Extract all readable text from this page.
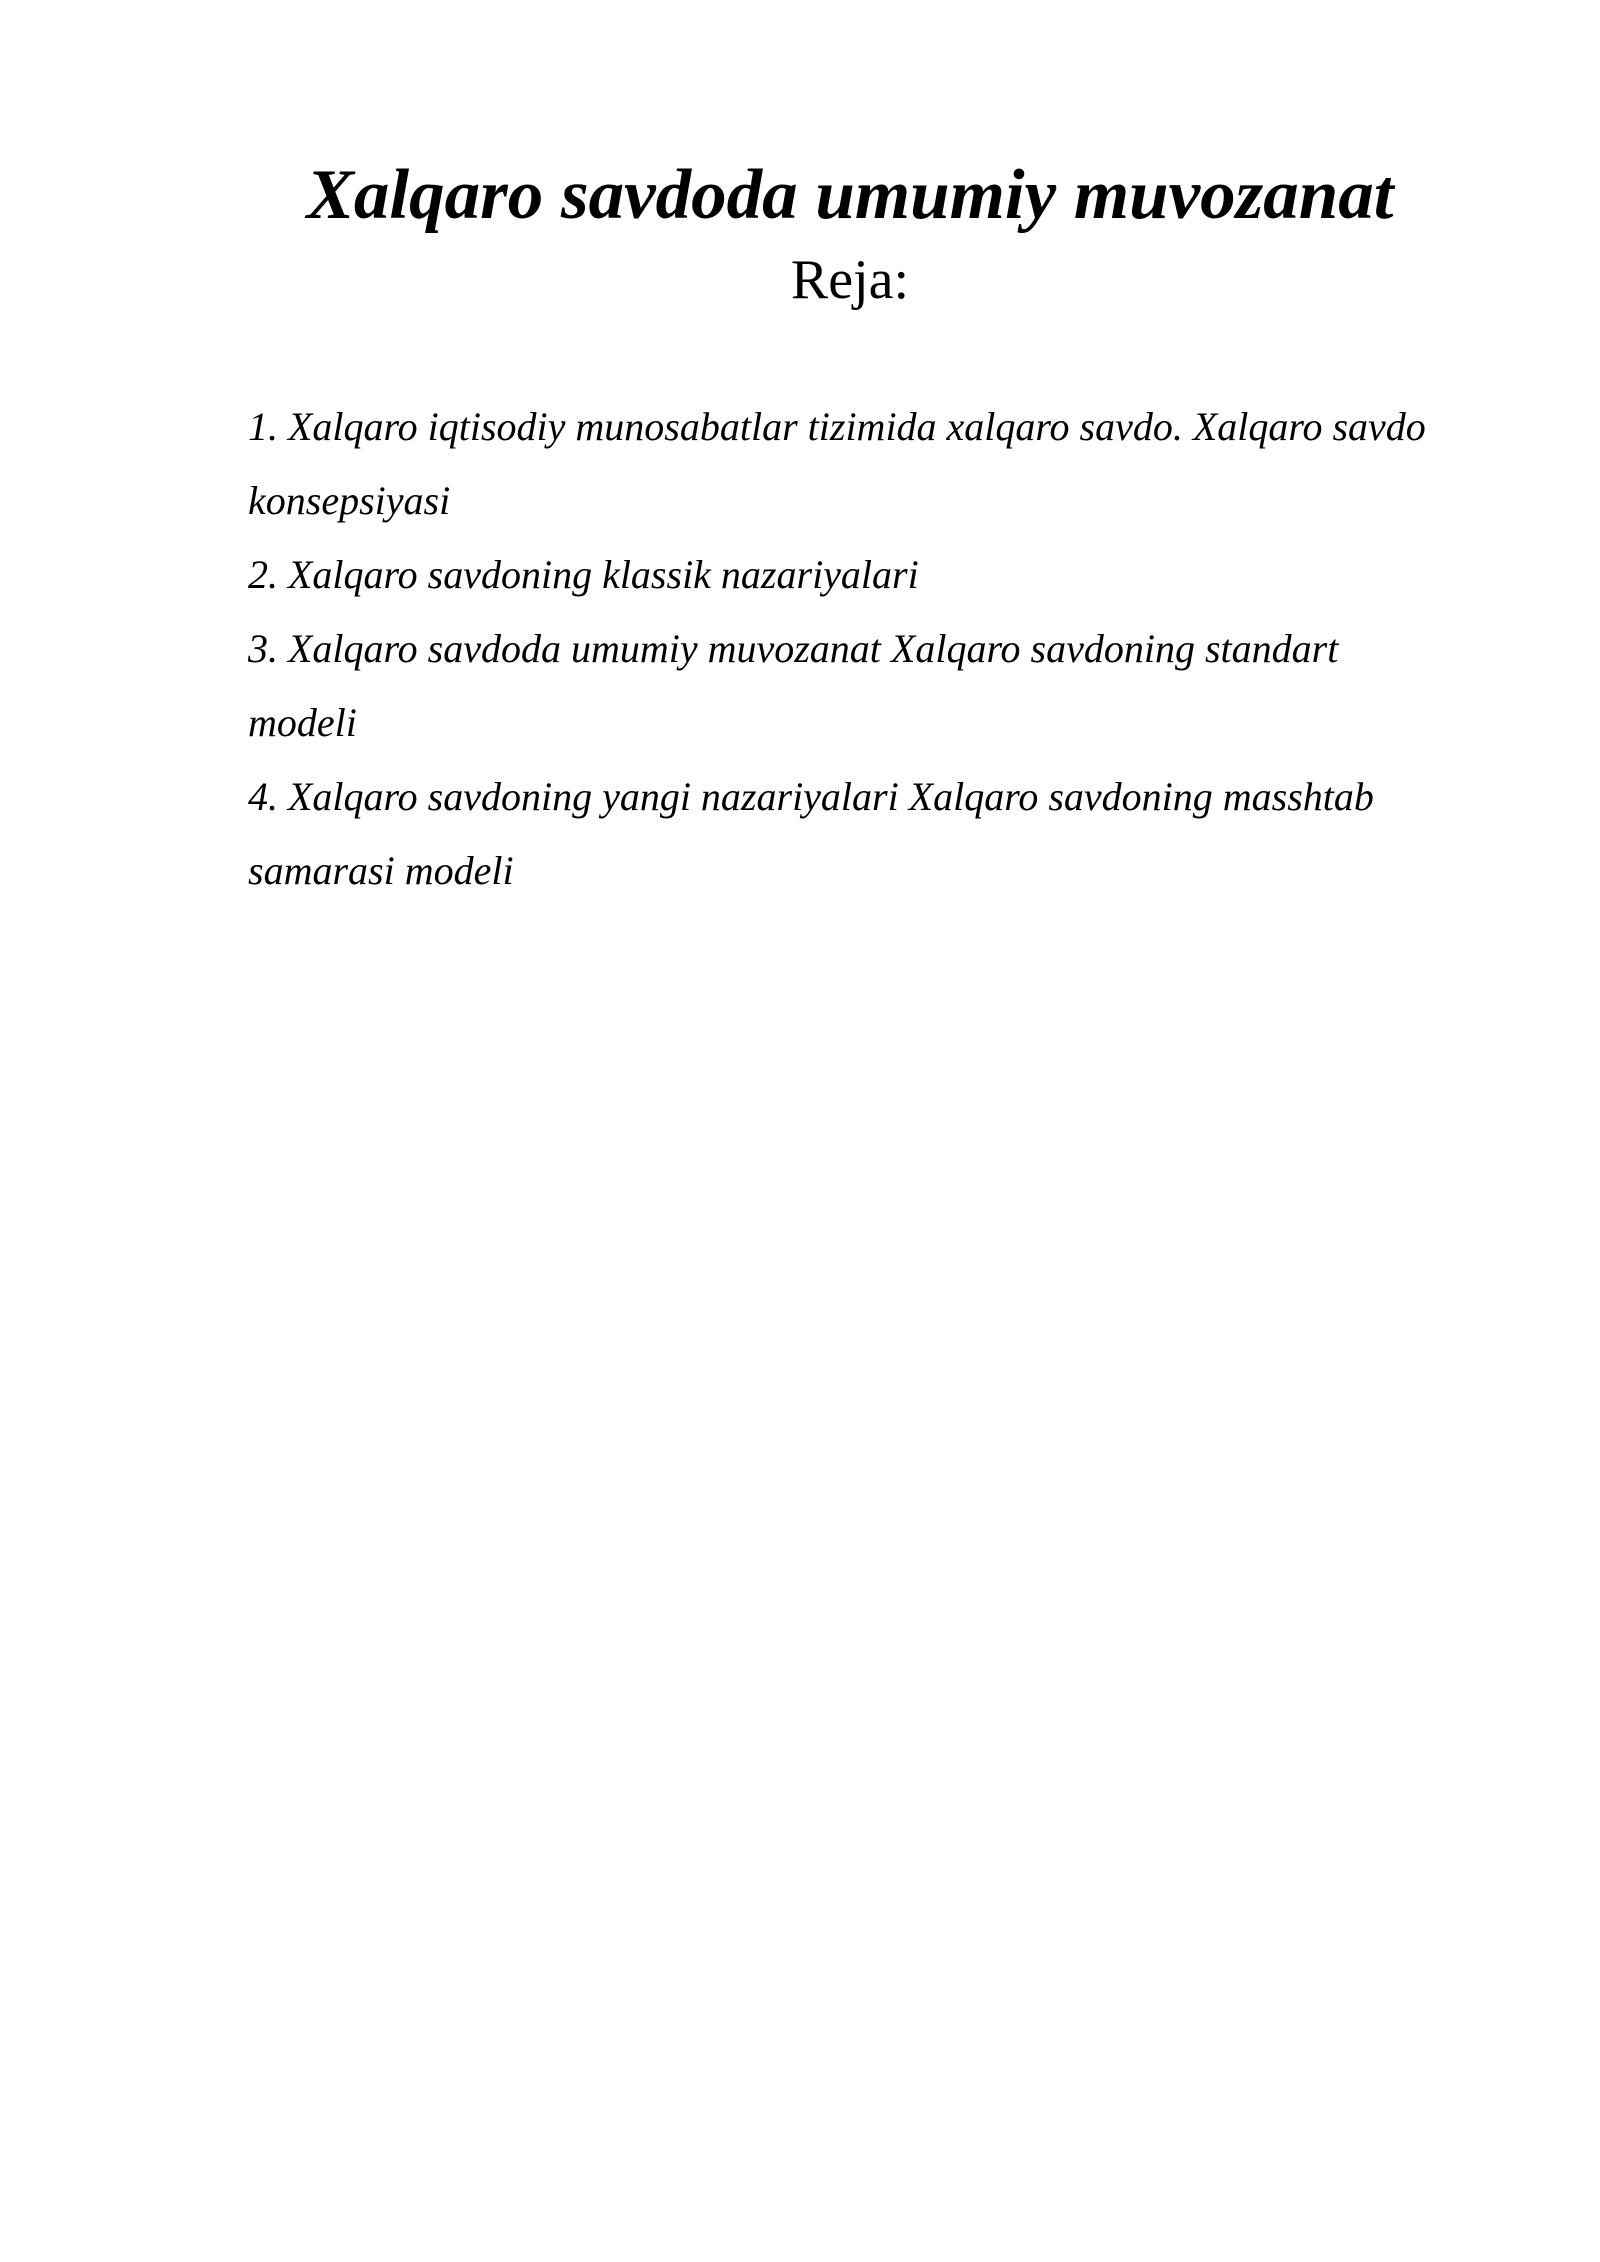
Xalqaro savdoda umumiy muvozanat
Reja:
1. Xalqaro iqtisodiy munosabatlar tizimida xalqaro savdo. Xalqaro savdo konsepsiyasi
2. Xalqaro savdoning klassik nazariyalari
3. Xalqaro savdoda umumiy muvozanat Xalqaro savdoning standart modeli
4. Xalqaro savdoning yangi nazariyalari Xalqaro savdoning masshtab samarasi modeli
